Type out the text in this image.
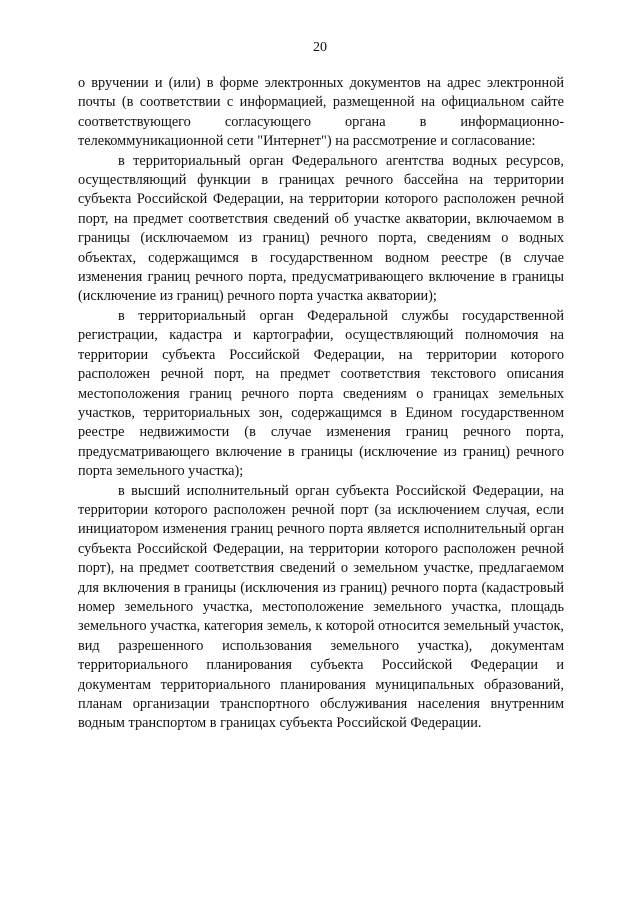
20

о вручении и (или) в форме электронных документов на адрес электронной почты (в соответствии с информацией, размещенной на официальном сайте соответствующего согласующего органа в информационно-телекоммуникационной сети "Интернет") на рассмотрение и согласование:

в территориальный орган Федерального агентства водных ресурсов, осуществляющий функции в границах речного бассейна на территории субъекта Российской Федерации, на территории которого расположен речной порт, на предмет соответствия сведений об участке акватории, включаемом в границы (исключаемом из границ) речного порта, сведениям о водных объектах, содержащимся в государственном водном реестре (в случае изменения границ речного порта, предусматривающего включение в границы (исключение из границ) речного порта участка акватории);

в территориальный орган Федеральной службы государственной регистрации, кадастра и картографии, осуществляющий полномочия на территории субъекта Российской Федерации, на территории которого расположен речной порт, на предмет соответствия текстового описания местоположения границ речного порта сведениям о границах земельных участков, территориальных зон, содержащимся в Едином государственном реестре недвижимости (в случае изменения границ речного порта, предусматривающего включение в границы (исключение из границ) речного порта земельного участка);

в высший исполнительный орган субъекта Российской Федерации, на территории которого расположен речной порт (за исключением случая, если инициатором изменения границ речного порта является исполнительный орган субъекта Российской Федерации, на территории которого расположен речной порт), на предмет соответствия сведений о земельном участке, предлагаемом для включения в границы (исключения из границ) речного порта (кадастровый номер земельного участка, местоположение земельного участка, площадь земельного участка, категория земель, к которой относится земельный участок, вид разрешенного использования земельного участка), документам территориального планирования субъекта Российской Федерации и документам территориального планирования муниципальных образований, планам организации транспортного обслуживания населения внутренним водным транспортом в границах субъекта Российской Федерации.
